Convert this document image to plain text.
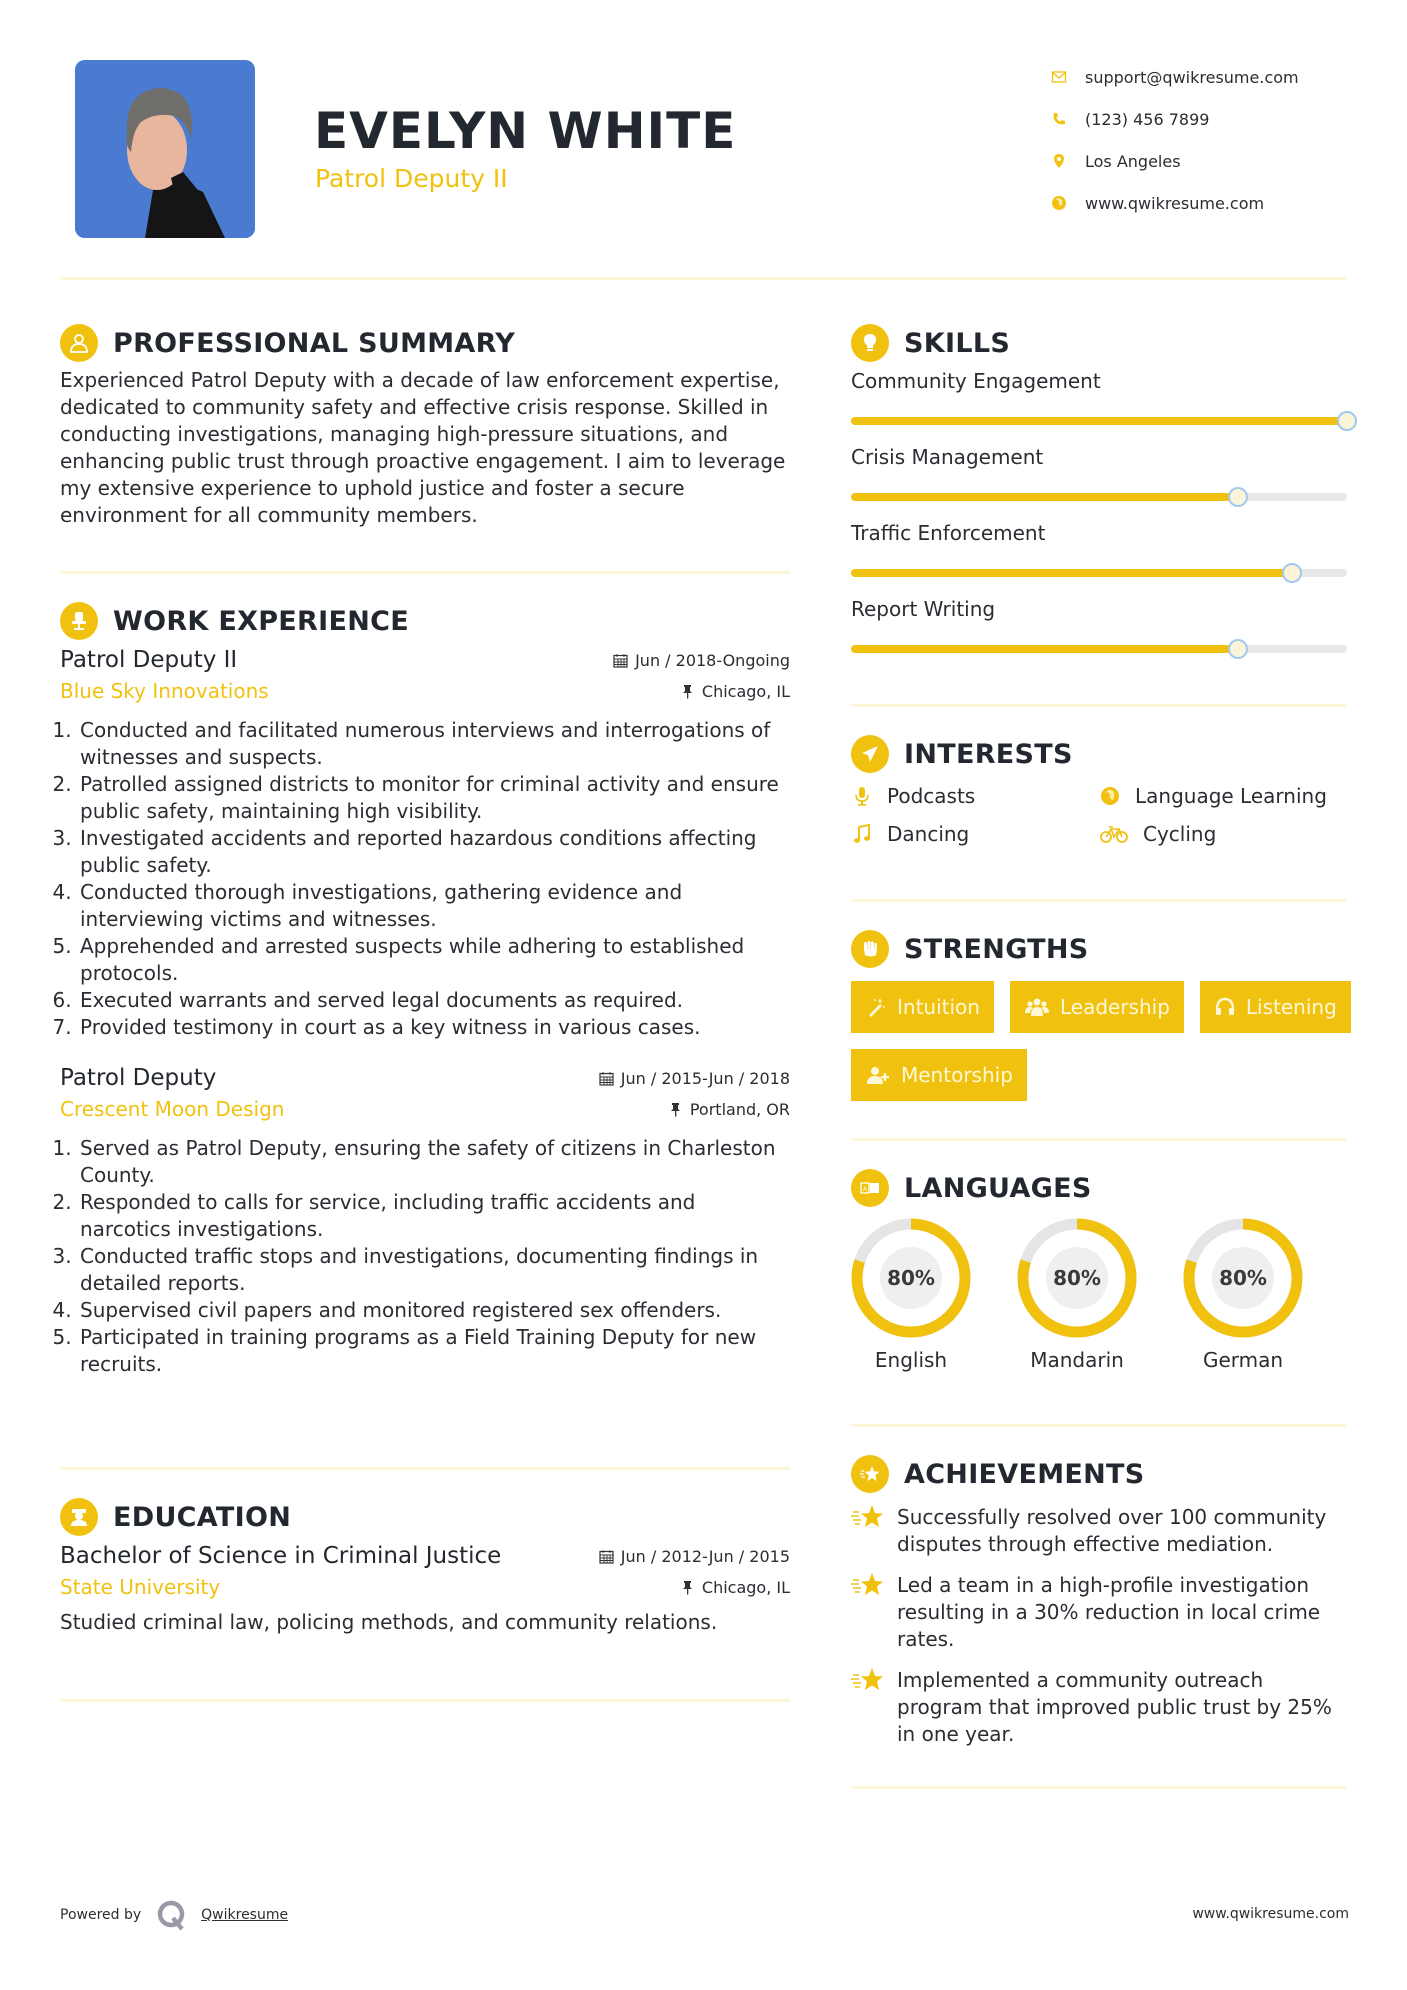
EVELYN WHITE
Patrol Deputy II
support@qwikresume.com
(123) 456 7899
Los Angeles
www.qwikresume.com
PROFESSIONAL SUMMARY

Experienced Patrol Deputy with a decade of law enforcement expertise, dedicated to community safety and effective crisis response. Skilled in conducting investigations, managing high-pressure situations, and enhancing public trust through proactive engagement. I aim to leverage my extensive experience to uphold justice and foster a secure environment for all community members.

WORK EXPERIENCE
Patrol Deputy II	Jun / 2018-Ongoing
Blue Sky Innovations	Chicago, IL
1. Conducted and facilitated numerous interviews and interrogations of witnesses and suspects.
2. Patrolled assigned districts to monitor for criminal activity and ensure public safety, maintaining high visibility.
3. Investigated accidents and reported hazardous conditions affecting public safety.
4. Conducted thorough investigations, gathering evidence and interviewing victims and witnesses.
5. Apprehended and arrested suspects while adhering to established protocols.
6. Executed warrants and served legal documents as required.
7. Provided testimony in court as a key witness in various cases.
Patrol Deputy	Jun / 2015-Jun / 2018
Crescent Moon Design	Portland, OR
1. Served as Patrol Deputy, ensuring the safety of citizens in Charleston County.
2. Responded to calls for service, including traffic accidents and narcotics investigations.
3. Conducted traffic stops and investigations, documenting findings in detailed reports.
4. Supervised civil papers and monitored registered sex offenders.
5. Participated in training programs as a Field Training Deputy for new recruits.
EDUCATION
Bachelor of Science in Criminal Justice	Jun / 2012-Jun / 2015
State University	Chicago, IL

Studied criminal law, policing methods, and community relations.

SKILLS
Community Engagement
Crisis Management
Traffic Enforcement
Report Writing
INTERESTS
Podcasts	Language Learning
Dancing	Cycling
STRENGTHS
Intuition	Leadership	Listening
Mentorship
A LANGUAGES
80%
English
80%
Mandarin
80%
German
ACHIEVEMENTS
Successfully resolved over 100 community disputes through effective mediation.
Led a team in a high-profile investigation resulting in a 30% reduction in local crime rates.
Implemented a community outreach program that improved public trust by 25% in one year.
Powered by	Qwikresume	www.qwikresume.com
